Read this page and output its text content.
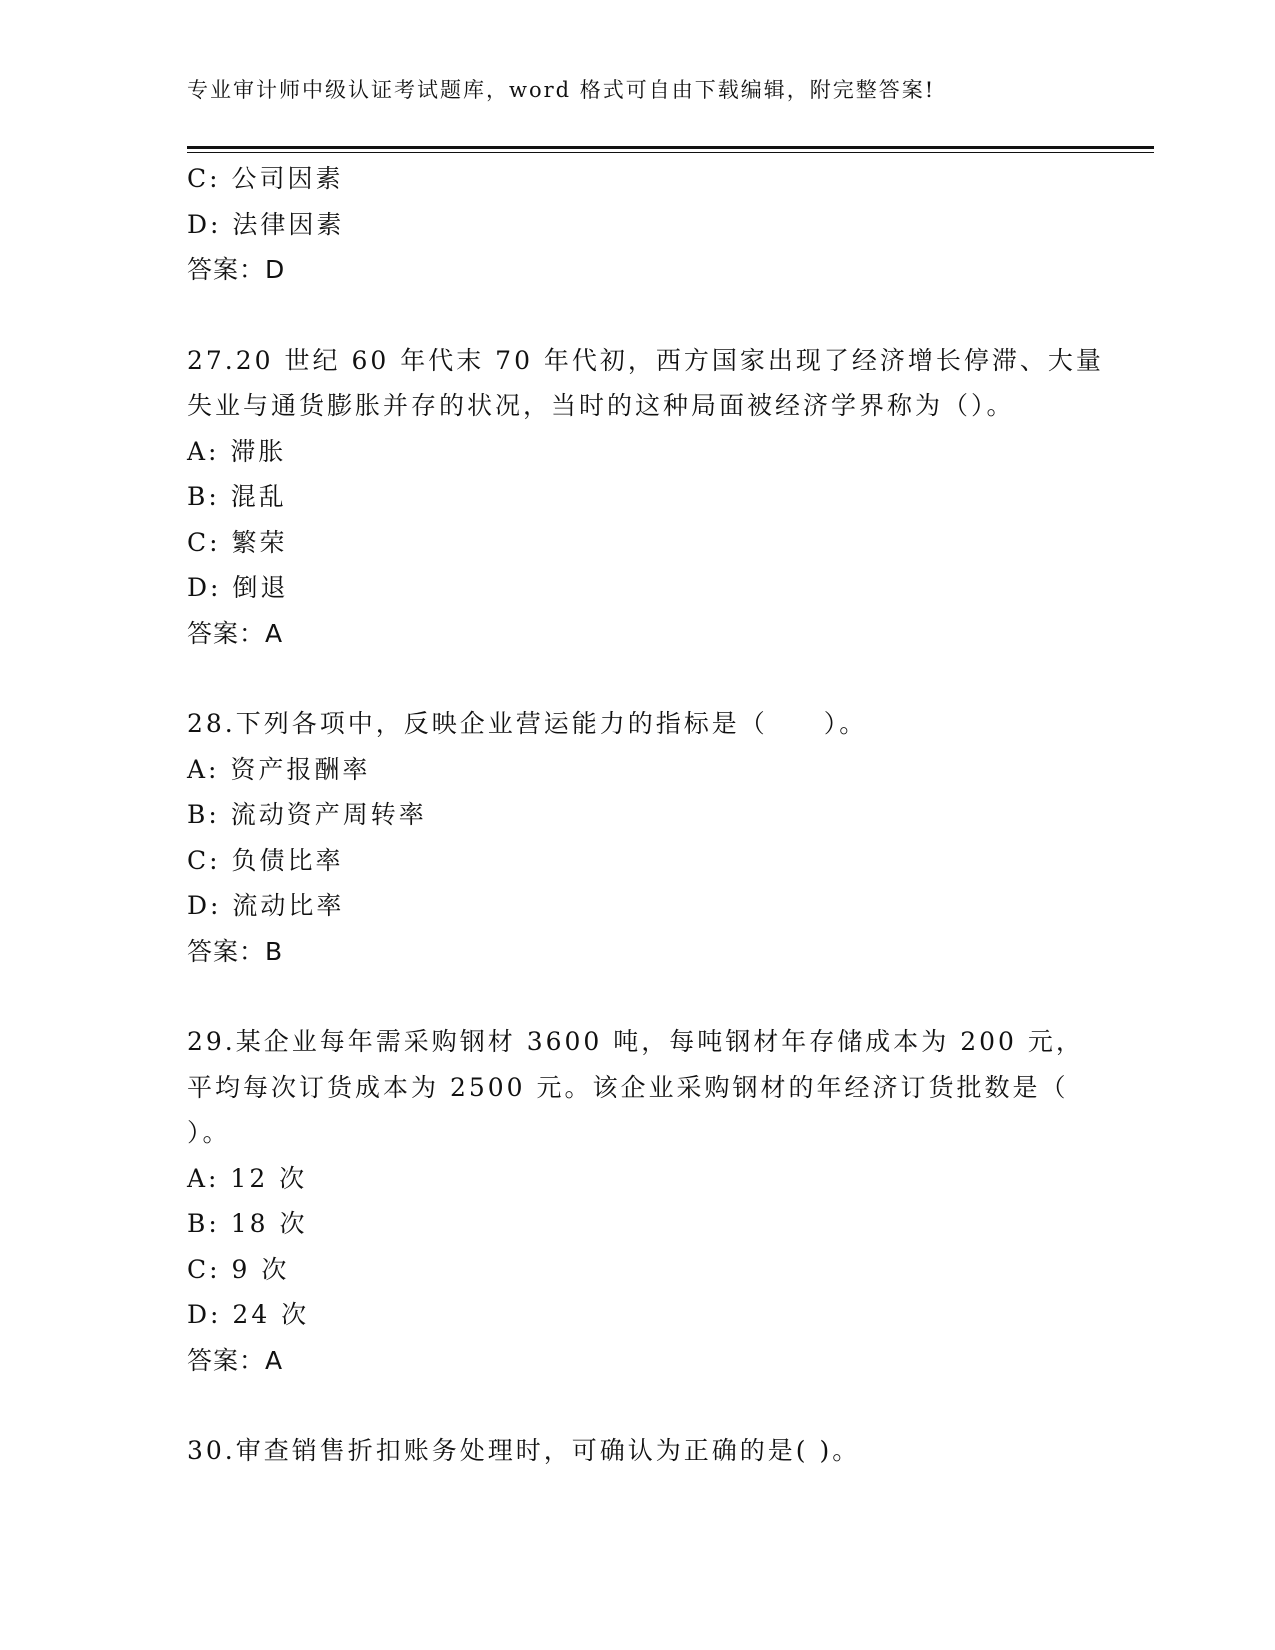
专业审计师中级认证考试题库，word 格式可自由下载编辑，附完整答案!
C: 公司因素
D: 法律因素
答案：D
27.20 世纪 60 年代末 70 年代初，西方国家出现了经济增长停滞、大量
失业与通货膨胀并存的状况，当时的这种局面被经济学界称为（）。
A: 滞胀
B: 混乱
C: 繁荣
D: 倒退
答案：A
28.下列各项中，反映企业营运能力的指标是（　　）。
A: 资产报酬率
B: 流动资产周转率
C: 负债比率
D: 流动比率
答案：B
29.某企业每年需采购钢材 3600 吨，每吨钢材年存储成本为 200 元，
平均每次订货成本为 2500 元。该企业采购钢材的年经济订货批数是（
）。
A: 12 次
B: 18 次
C: 9 次
D: 24 次
答案：A
30.审查销售折扣账务处理时，可确认为正确的是( )。
